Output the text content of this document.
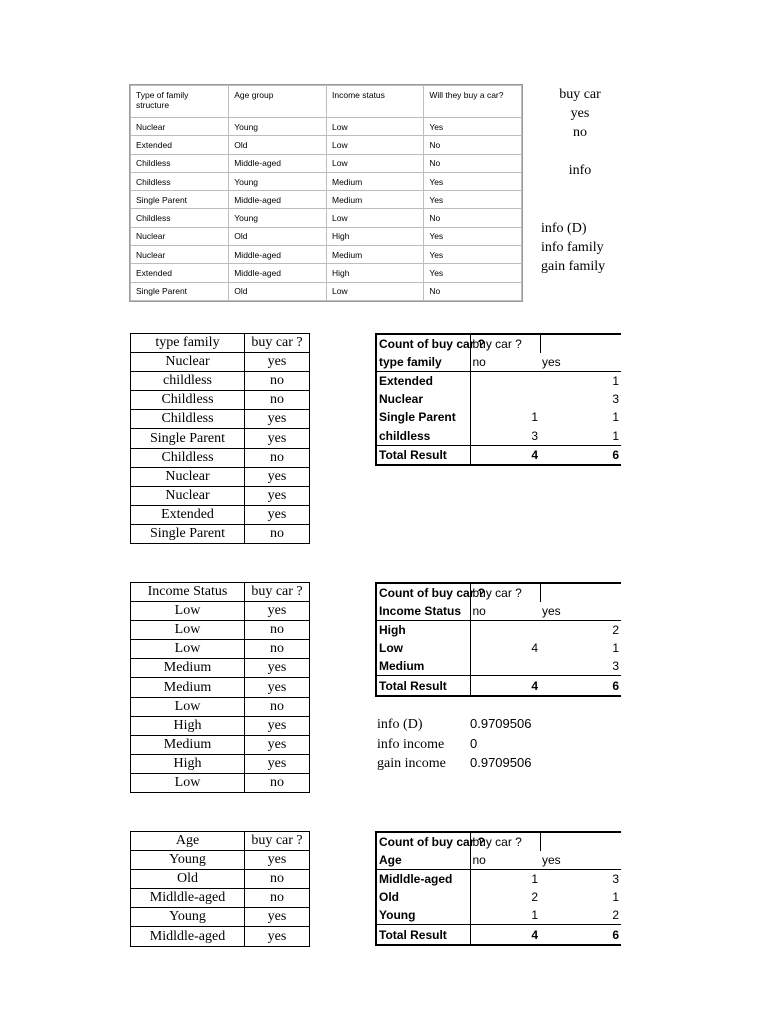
Type of family structure	Age group	Income status	Will they buy a car?
Nuclear	Young	Low	Yes
Extended	Old	Low	No
Childless	Middle-aged	Low	No
Childless	Young	Medium	Yes
Single Parent	Middle-aged	Medium	Yes
Childless	Young	Low	No
Nuclear	Old	High	Yes
Nuclear	Middle-aged	Medium	Yes
Extended	Middle-aged	High	Yes
Single Parent	Old	Low	No
buy car
yes
no
info
info (D)
info family
gain family
type family	buy car ?
Nuclear	yes
childless	no
Childless	no
Childless	yes
Single Parent	yes
Childless	no
Nuclear	yes
Nuclear	yes
Extended	yes
Single Parent	no
Count of buy car ?	buy car ?	
type family	no	yes
Extended		1
Nuclear		3
Single Parent	1	1
childless	3	1
Total Result	4	6
Income Status	buy car ?
Low	yes
Low	no
Low	no
Medium	yes
Medium	yes
Low	no
High	yes
Medium	yes
High	yes
Low	no
Count of buy car ?	buy car ?	
Income Status	no	yes
High		2
Low	4	1
Medium		3
Total Result	4	6
info (D)	0.9709506
info income 0
gain income 0.9709506
Age	buy car ?
Young	yes
Old	no
Midldle-aged	no
Young	yes
Midldle-aged	yes
Count of buy car ?	buy car ?	
Age	no	yes
Midldle-aged	1	3
Old	2	1
Young	1	2
Total Result	4	6
